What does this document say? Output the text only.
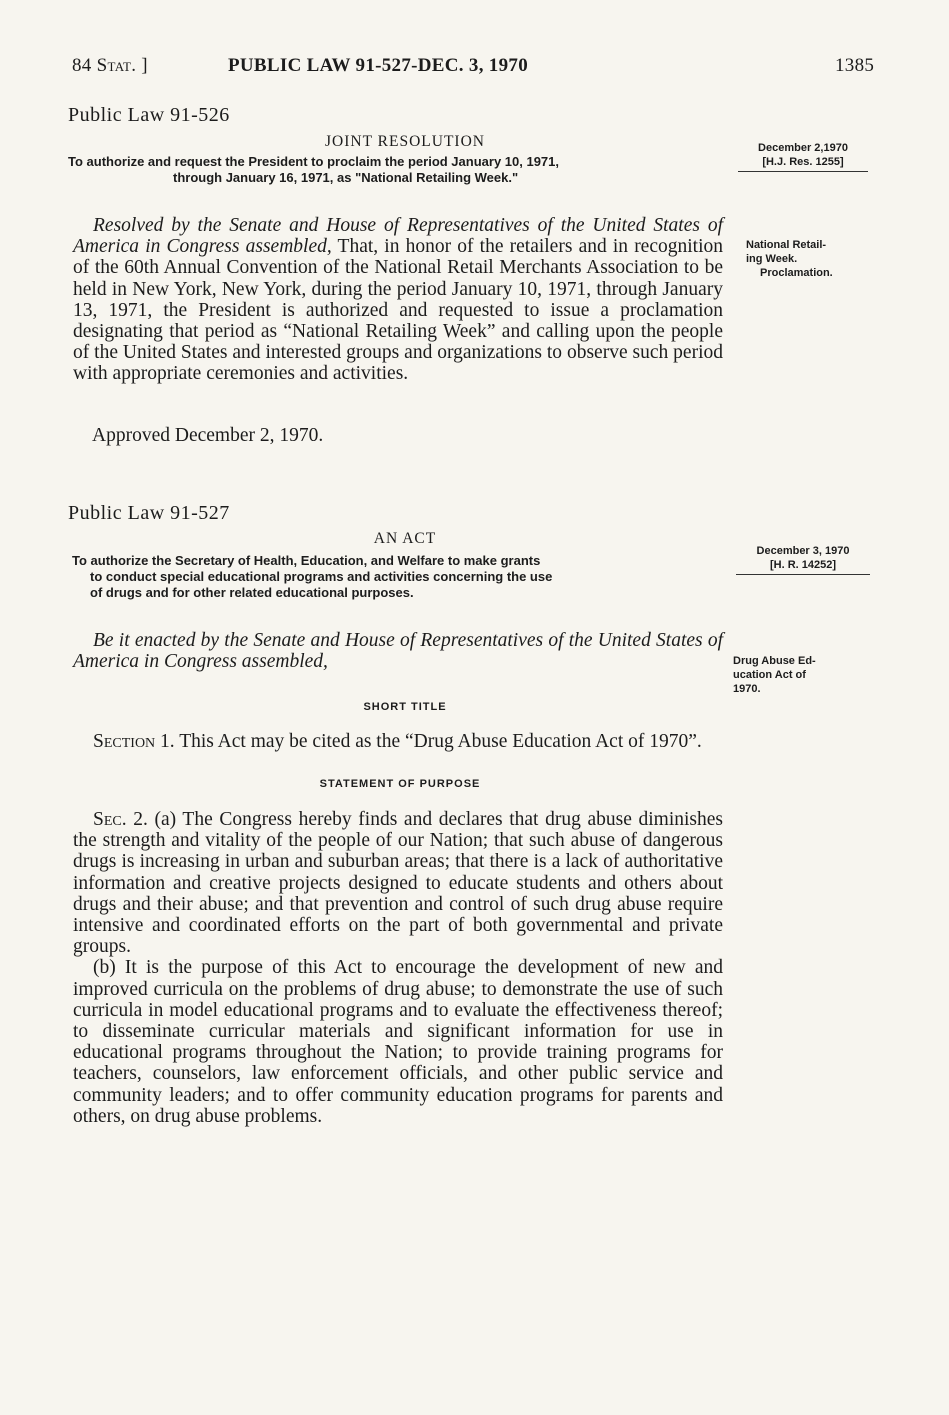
84 Stat. ]	PUBLIC LAW 91-527-DEC. 3, 1970	1385
Public Law 91-526
JOINT RESOLUTION
To authorize and request the President to proclaim the period January 10, 1971,
through January 16, 1971, as "National Retailing Week."
December 2,1970
[H.J. Res. 1255]

Resolved by the Senate and House of Representatives of the United States of America in Congress assembled, That, in honor of the retailers and in recognition of the 60th Annual Convention of the National Retail Merchants Association to be held in New York, New York, during the period January 10, 1971, through January 13, 1971, the President is authorized and requested to issue a proclamation designating that period as “National Retailing Week” and calling upon the people of the United States and interested groups and organizations to observe such period with appropriate ceremonies and activities.

National Retail-
ing Week.
Proclamation.
Approved December 2, 1970.
Public Law 91-527
AN ACT
To authorize the Secretary of Health, Education, and Welfare to make grants
to conduct special educational programs and activities concerning the use
of drugs and for other related educational purposes.
December 3, 1970
[H. R. 14252]

Be it enacted by the Senate and House of Representatives of the United States of America in Congress assembled,	Drug Abuse Ed-
ucation Act of
1970.
SHORT TITLE

Section 1. This Act may be cited as the “Drug Abuse Education Act of 1970”.

STATEMENT OF PURPOSE

Sec. 2. (a) The Congress hereby finds and declares that drug abuse diminishes the strength and vitality of the people of our Nation; that such abuse of dangerous drugs is increasing in urban and suburban areas; that there is a lack of authoritative information and creative projects designed to educate students and others about drugs and their abuse; and that prevention and control of such drug abuse require intensive and coordinated efforts on the part of both governmental and private groups.

(b) It is the purpose of this Act to encourage the development of new and improved curricula on the problems of drug abuse; to demonstrate the use of such curricula in model educational programs and to evaluate the effectiveness thereof; to disseminate curricular materials and significant information for use in educational programs throughout the Nation; to provide training programs for teachers, counselors, law enforcement officials, and other public service and community leaders; and to offer community education programs for parents and others, on drug abuse problems.
